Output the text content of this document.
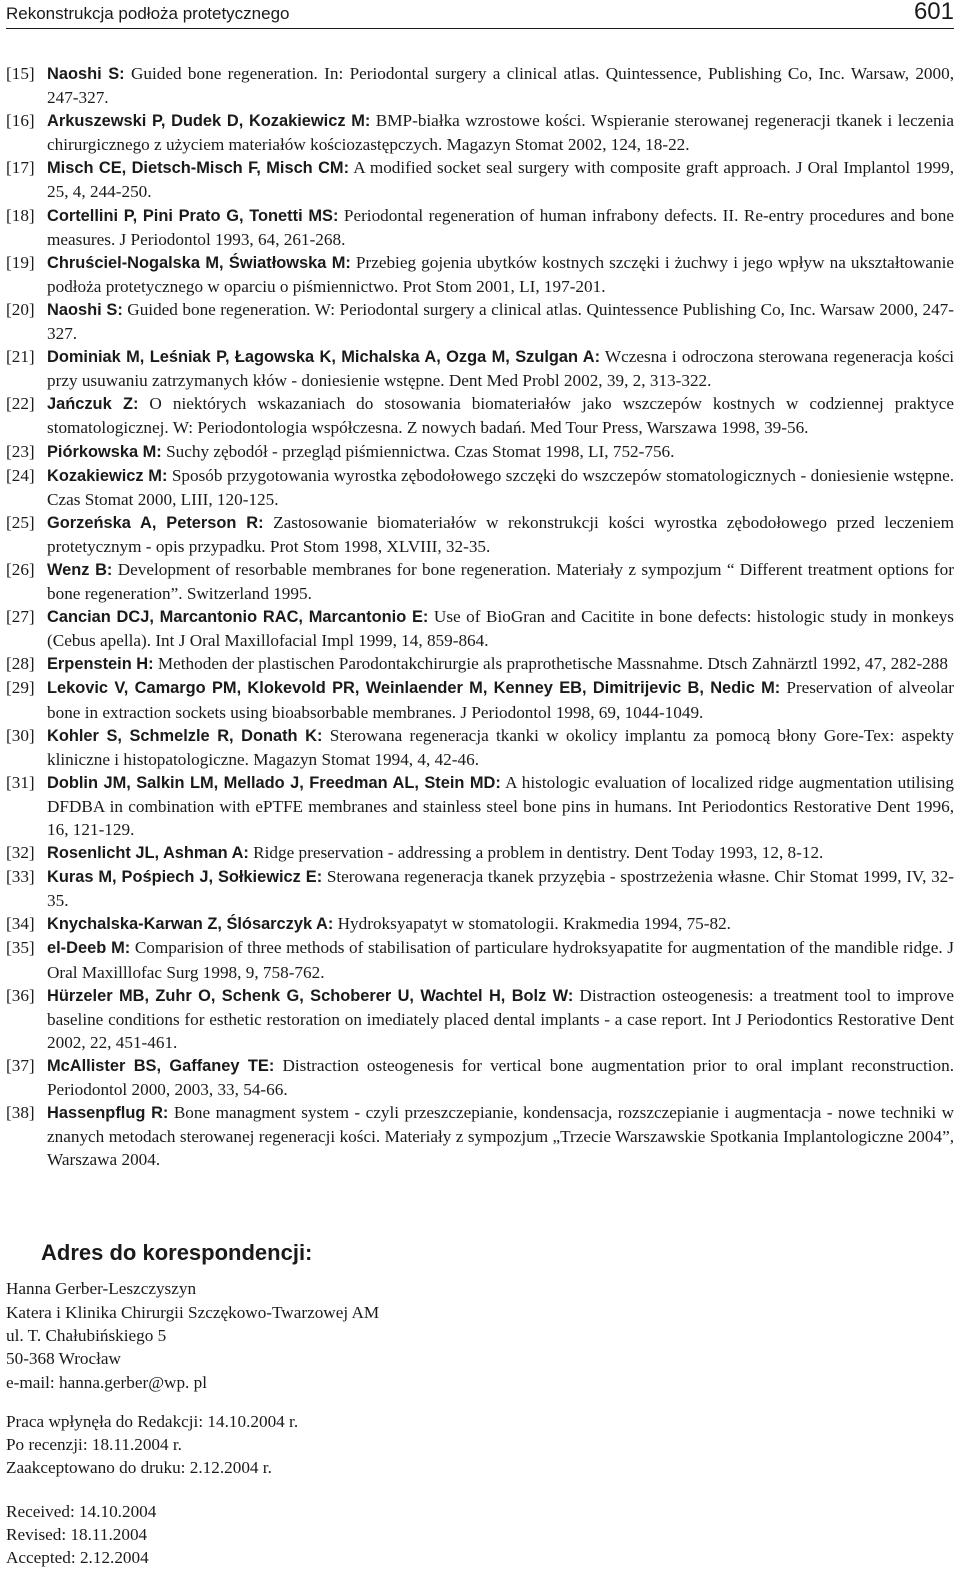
Rekonstrukcja podłoża protetycznego	601
[15] Naoshi S: Guided bone regeneration. In: Periodontal surgery a clinical atlas. Quintessence, Publishing Co, Inc. Warsaw, 2000, 247-327.
[16] Arkuszewski P, Dudek D, Kozakiewicz M: BMP-białka wzrostowe kości. Wspieranie sterowanej regeneracji tkanek i leczenia chirurgicznego z użyciem materiałów kościozastępczych. Magazyn Stomat 2002, 124, 18-22.
[17] Misch CE, Dietsch-Misch F, Misch CM: A modified socket seal surgery with composite graft approach. J Oral Implantol 1999, 25, 4, 244-250.
[18] Cortellini P, Pini Prato G, Tonetti MS: Periodontal regeneration of human infrabony defects. II. Re-entry procedures and bone measures. J Periodontol 1993, 64, 261-268.
[19] Chruściel-Nogalska M, Światłowska M: Przebieg gojenia ubytków kostnych szczęki i żuchwy i jego wpływ na ukształtowanie podłoża protetycznego w oparciu o piśmiennictwo. Prot Stom 2001, LI, 197-201.
[20] Naoshi S: Guided bone regeneration. W: Periodontal surgery a clinical atlas. Quintessence Publishing Co, Inc. Warsaw 2000, 247-327.
[21] Dominiak M, Leśniak P, Łagowska K, Michalska A, Ozga M, Szulgan A: Wczesna i odroczona sterowana regeneracja kości przy usuwaniu zatrzymanych kłów - doniesienie wstępne. Dent Med Probl 2002, 39, 2, 313-322.
[22] Jańczuk Z: O niektórych wskazaniach do stosowania biomateriałów jako wszczepów kostnych w codziennej praktyce stomatologicznej. W: Periodontologia współczesna. Z nowych badań. Med Tour Press, Warszawa 1998, 39-56.
[23] Piórkowska M: Suchy zębodół - przegląd piśmiennictwa. Czas Stomat 1998, LI, 752-756.
[24] Kozakiewicz M: Sposób przygotowania wyrostka zębodołowego szczęki do wszczepów stomatologicznych - doniesienie wstępne. Czas Stomat 2000, LIII, 120-125.
[25] Gorzeńska A, Peterson R: Zastosowanie biomateriałów w rekonstrukcji kości wyrostka zębodołowego przed leczeniem protetycznym - opis przypadku. Prot Stom 1998, XLVIII, 32-35.
[26] Wenz B: Development of resorbable membranes for bone regeneration. Materiały z sympozjum “ Different treatment options for bone regeneration”. Switzerland 1995.
[27] Cancian DCJ, Marcantonio RAC, Marcantonio E: Use of BioGran and Cacitite in bone defects: histologic study in monkeys (Cebus apella). Int J Oral Maxillofacial Impl 1999, 14, 859-864.
[28] Erpenstein H: Methoden der plastischen Parodontakchirurgie als praprothetische Massnahme. Dtsch Zahnärztl 1992, 47, 282-288
[29] Lekovic V, Camargo PM, Klokevold PR, Weinlaender M, Kenney EB, Dimitrijevic B, Nedic M: Preservation of alveolar bone in extraction sockets using bioabsorbable membranes. J Periodontol 1998, 69, 1044-1049.
[30] Kohler S, Schmelzle R, Donath K: Sterowana regeneracja tkanki w okolicy implantu za pomocą błony Gore-Tex: aspekty kliniczne i histopatologiczne. Magazyn Stomat 1994, 4, 42-46.
[31] Doblin JM, Salkin LM, Mellado J, Freedman AL, Stein MD: A histologic evaluation of localized ridge augmentation utilising DFDBA in combination with ePTFE membranes and stainless steel bone pins in humans. Int Periodontics Restorative Dent 1996, 16, 121-129.
[32] Rosenlicht JL, Ashman A: Ridge preservation - addressing a problem in dentistry. Dent Today 1993, 12, 8-12.
[33] Kuras M, Pośpiech J, Sołkiewicz E: Sterowana regeneracja tkanek przyzębia - spostrzeżenia własne. Chir Stomat 1999, IV, 32-35.
[34] Knychalska-Karwan Z, Ślósarczyk A: Hydroksyapatyt w stomatologii. Krakmedia 1994, 75-82.
[35] el-Deeb M: Comparision of three methods of stabilisation of particulare hydroksyapatite for augmentation of the mandible ridge. J Oral Maxilllofac Surg 1998, 9, 758-762.
[36] Hürzeler MB, Zuhr O, Schenk G, Schoberer U, Wachtel H, Bolz W: Distraction osteogenesis: a treatment tool to improve baseline conditions for esthetic restoration on imediately placed dental implants - a case report. Int J Periodontics Restorative Dent 2002, 22, 451-461.
[37] McAllister BS, Gaffaney TE: Distraction osteogenesis for vertical bone augmentation prior to oral implant reconstruction. Periodontol 2000, 2003, 33, 54-66.
[38] Hassenpflug R: Bone managment system - czyli przeszczepianie, kondensacja, rozszczepianie i augmentacja - nowe techniki w znanych metodach sterowanej regeneracji kości. Materiały z sympozjum „Trzecie Warszawskie Spotkania Implantologiczne 2004”, Warszawa 2004.
Adres do korespondencji:
Hanna Gerber-Leszczyszyn
Katera i Klinika Chirurgii Szczękowo-Twarzowej AM
ul. T. Chałubińskiego 5
50-368 Wrocław
e-mail: hanna.gerber@wp. pl
Praca wpłynęła do Redakcji: 14.10.2004 r.
Po recenzji: 18.11.2004 r.
Zaakceptowano do druku: 2.12.2004 r.
Received: 14.10.2004
Revised: 18.11.2004
Accepted: 2.12.2004
